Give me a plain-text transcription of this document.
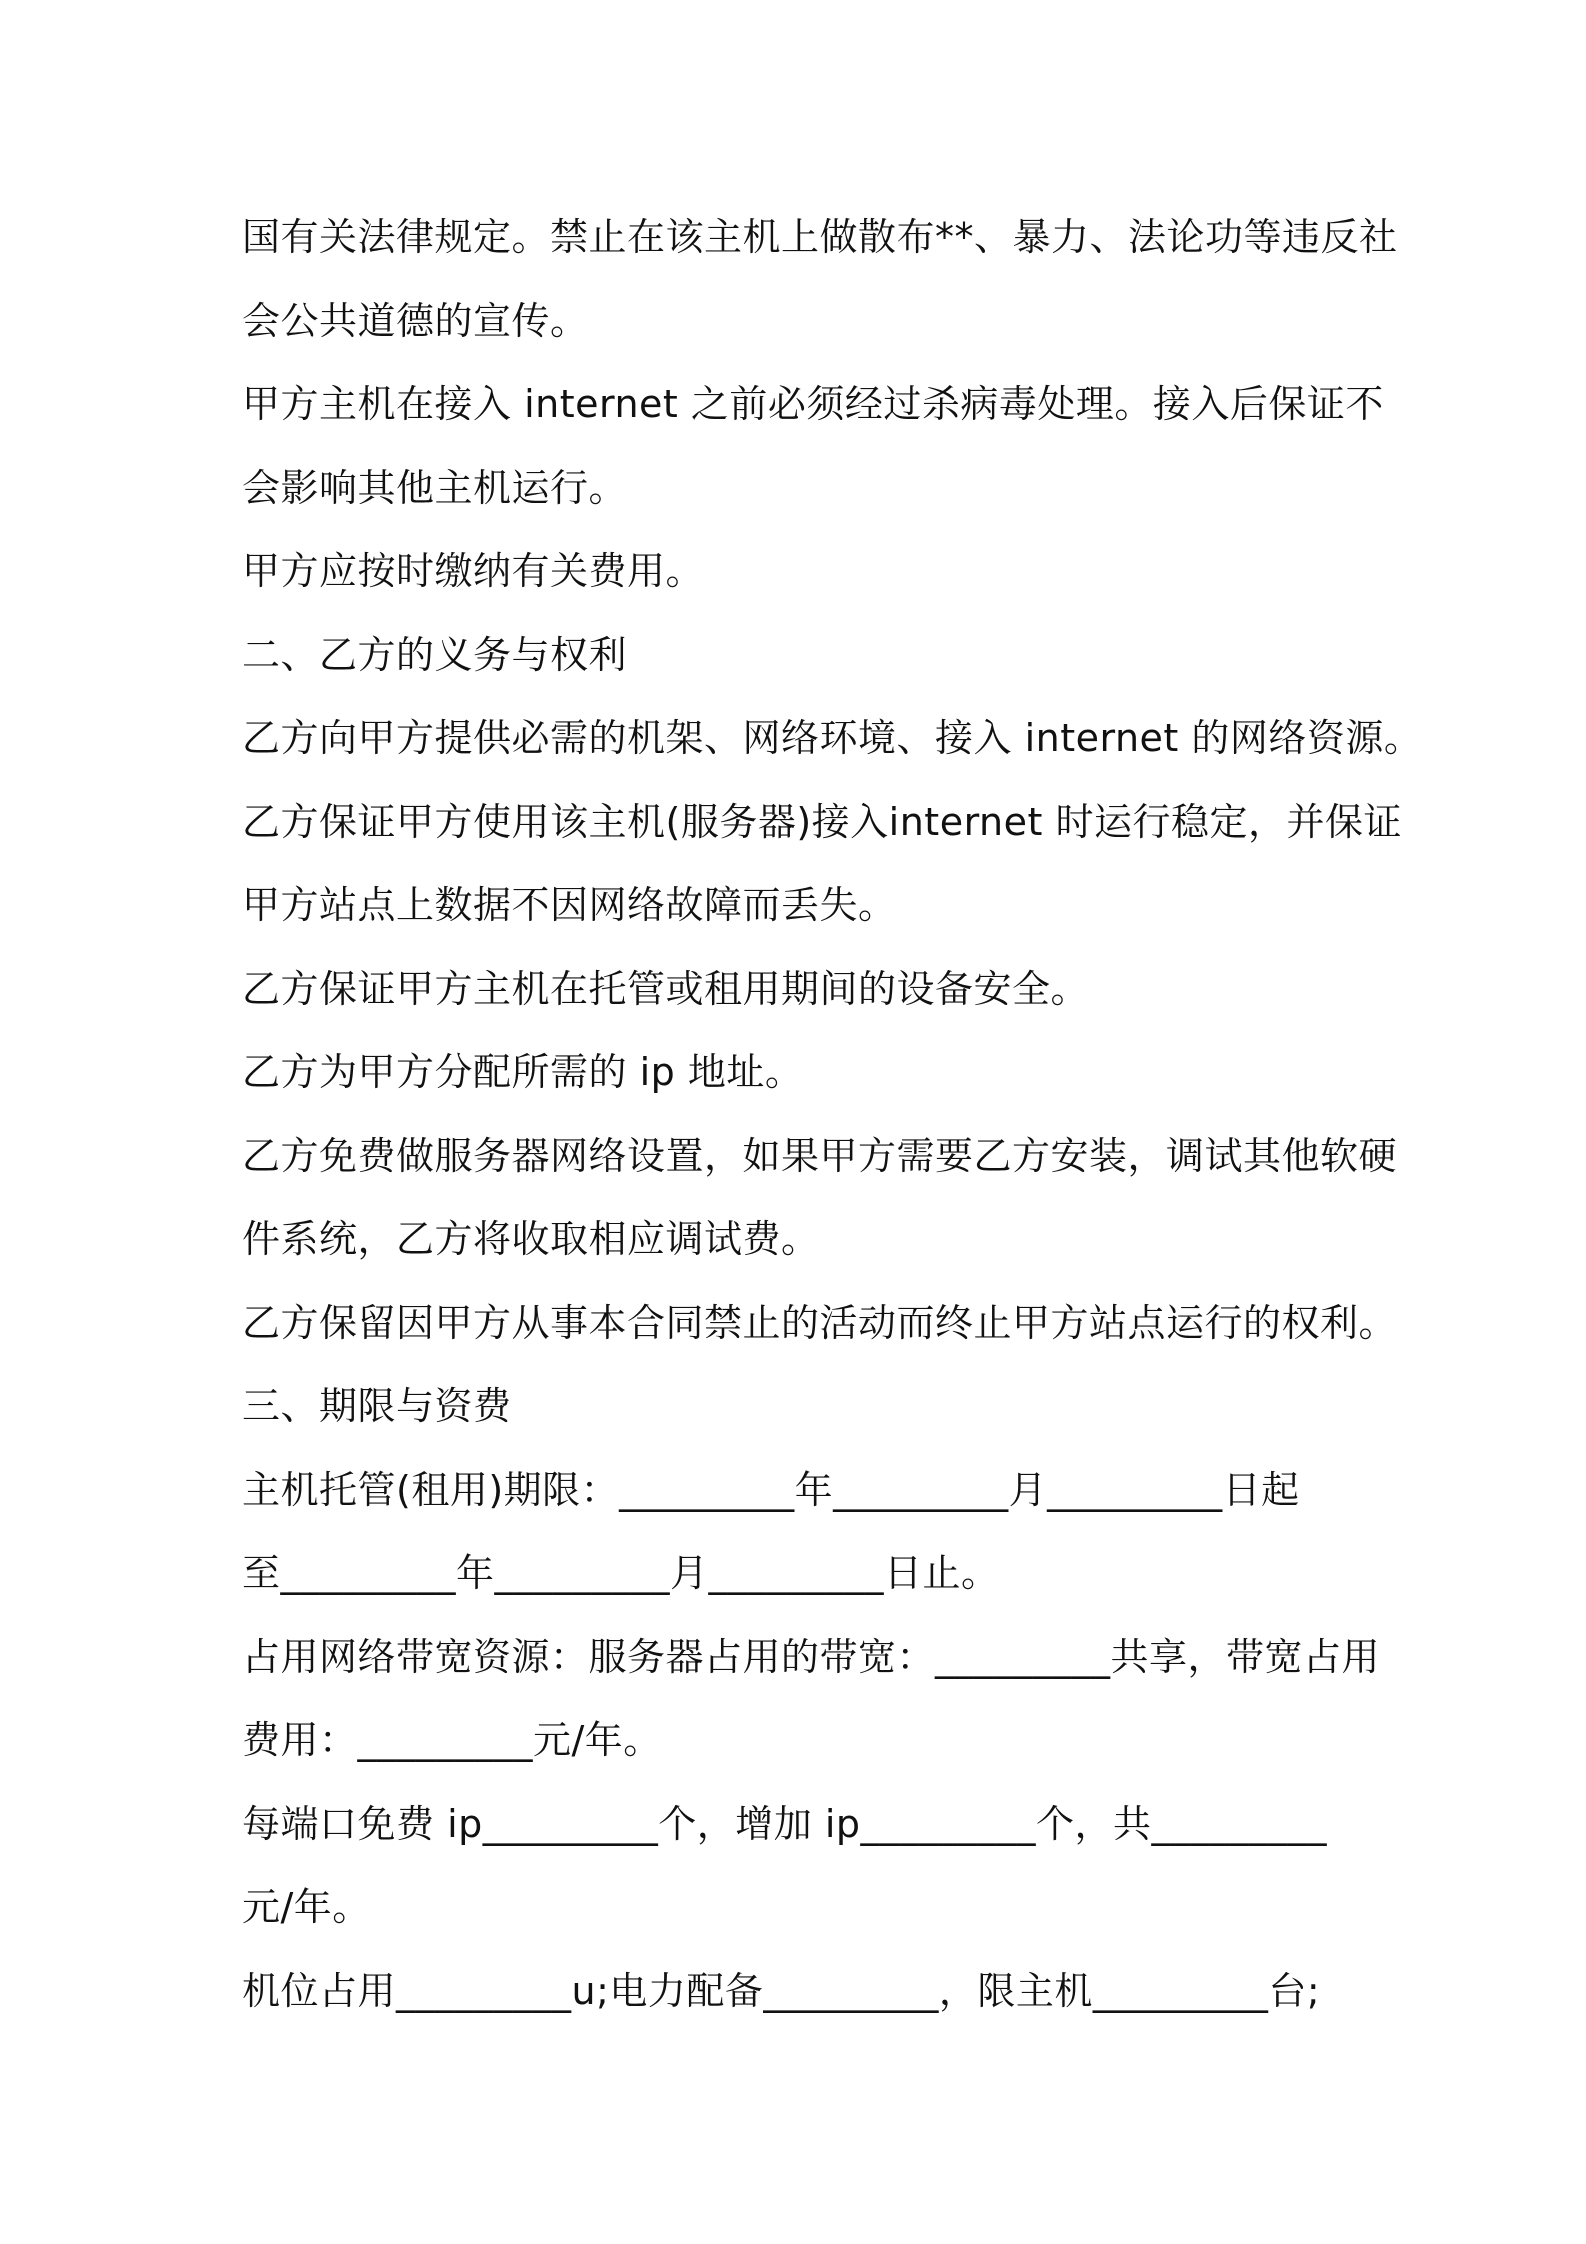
国有关法律规定。禁止在该主机上做散布**、暴力、法论功等违反社
会公共道德的宣传。
甲方主机在接入 internet 之前必须经过杀病毒处理。接入后保证不
会影响其他主机运行。
甲方应按时缴纳有关费用。
二、乙方的义务与权利
乙方向甲方提供必需的机架、网络环境、接入 internet 的网络资源。
乙方保证甲方使用该主机(服务器)接入internet 时运行稳定，并保证
甲方站点上数据不因网络故障而丢失。
乙方保证甲方主机在托管或租用期间的设备安全。
乙方为甲方分配所需的 ip 地址。
乙方免费做服务器网络设置，如果甲方需要乙方安装，调试其他软硬
件系统，乙方将收取相应调试费。
乙方保留因甲方从事本合同禁止的活动而终止甲方站点运行的权利。
三、期限与资费
主机托管(租用)期限：_________年_________月_________日起
至_________年_________月_________日止。
占用网络带宽资源：服务器占用的带宽：_________共享，带宽占用
费用：_________元/年。
每端口免费 ip_________个，增加 ip_________个，共_________
元/年。
机位占用_________u;电力配备_________，限主机_________台;
